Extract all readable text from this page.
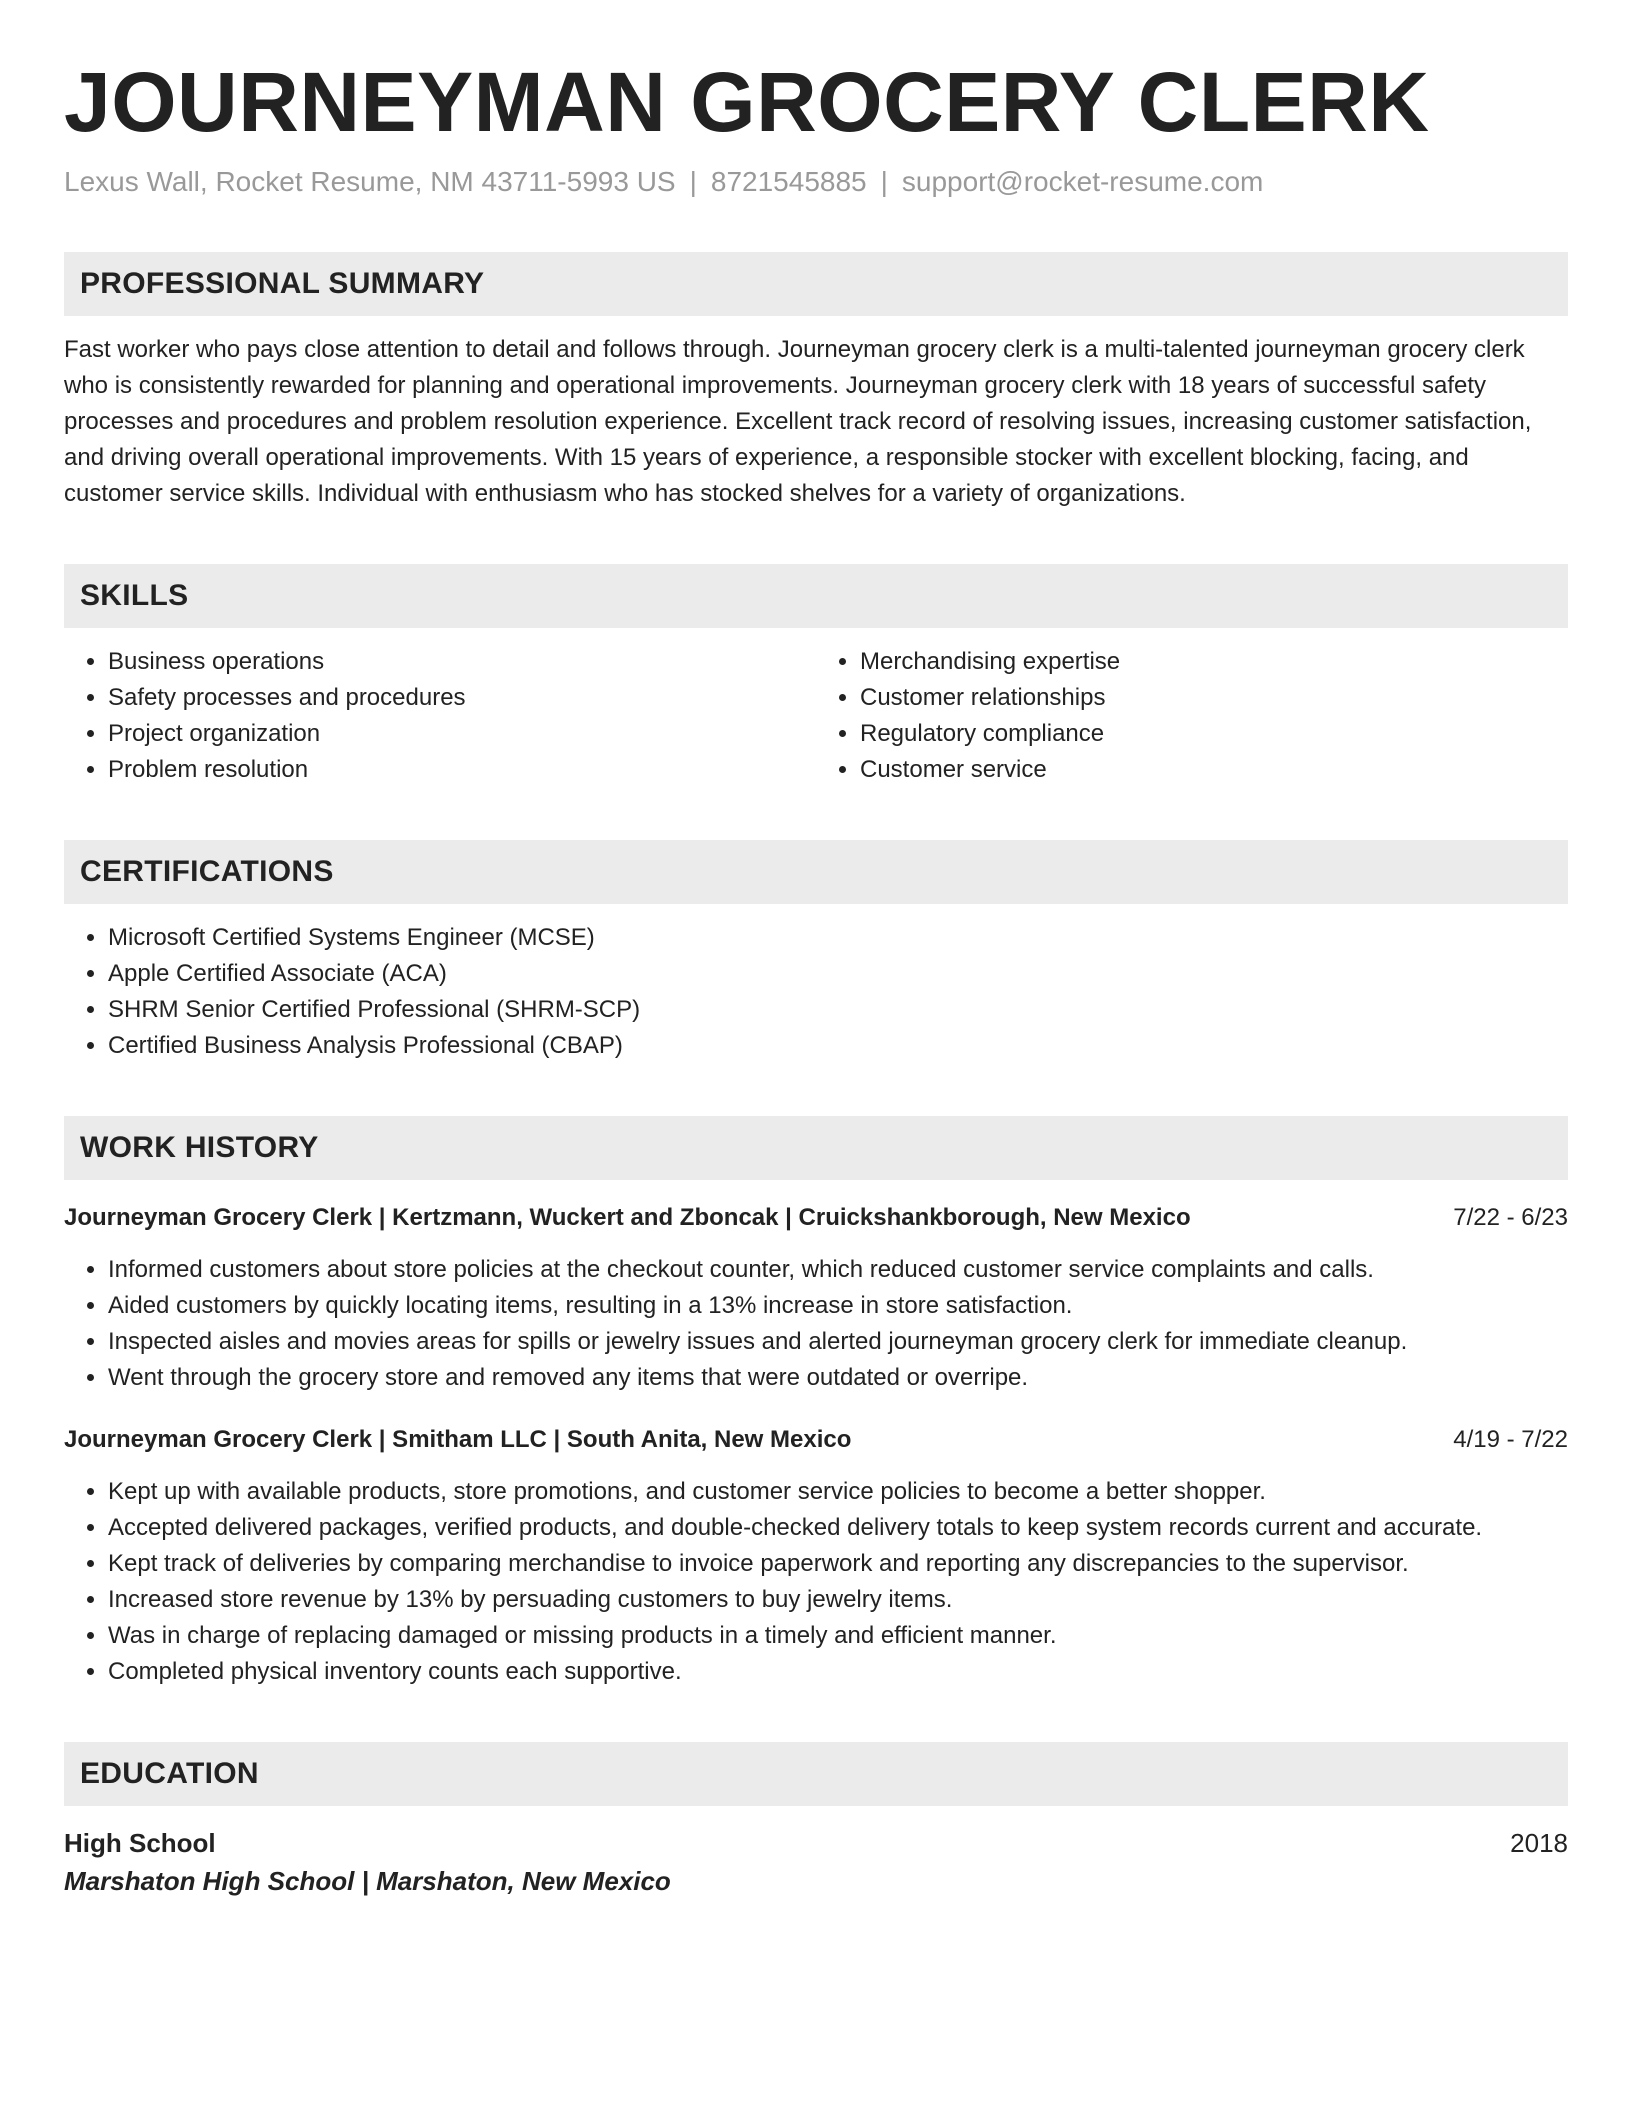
JOURNEYMAN GROCERY CLERK
Lexus Wall, Rocket Resume, NM 43711-5993 US | 8721545885 | support@rocket-resume.com
PROFESSIONAL SUMMARY
Fast worker who pays close attention to detail and follows through. Journeyman grocery clerk is a multi-talented journeyman grocery clerk who is consistently rewarded for planning and operational improvements. Journeyman grocery clerk with 18 years of successful safety processes and procedures and problem resolution experience. Excellent track record of resolving issues, increasing customer satisfaction, and driving overall operational improvements. With 15 years of experience, a responsible stocker with excellent blocking, facing, and customer service skills. Individual with enthusiasm who has stocked shelves for a variety of organizations.
SKILLS
• Business operations
• Safety processes and procedures
• Project organization
• Problem resolution
• Merchandising expertise
• Customer relationships
• Regulatory compliance
• Customer service
CERTIFICATIONS
• Microsoft Certified Systems Engineer (MCSE)
• Apple Certified Associate (ACA)
• SHRM Senior Certified Professional (SHRM-SCP)
• Certified Business Analysis Professional (CBAP)
WORK HISTORY
Journeyman Grocery Clerk | Kertzmann, Wuckert and Zboncak | Cruickshankborough, New Mexico	7/22 - 6/23
• Informed customers about store policies at the checkout counter, which reduced customer service complaints and calls.
• Aided customers by quickly locating items, resulting in a 13% increase in store satisfaction.
• Inspected aisles and movies areas for spills or jewelry issues and alerted journeyman grocery clerk for immediate cleanup.
• Went through the grocery store and removed any items that were outdated or overripe.
Journeyman Grocery Clerk | Smitham LLC | South Anita, New Mexico	4/19 - 7/22
• Kept up with available products, store promotions, and customer service policies to become a better shopper.
• Accepted delivered packages, verified products, and double-checked delivery totals to keep system records current and accurate.
• Kept track of deliveries by comparing merchandise to invoice paperwork and reporting any discrepancies to the supervisor.
• Increased store revenue by 13% by persuading customers to buy jewelry items.
• Was in charge of replacing damaged or missing products in a timely and efficient manner.
• Completed physical inventory counts each supportive.
EDUCATION
High School	2018
Marshaton High School | Marshaton, New Mexico
